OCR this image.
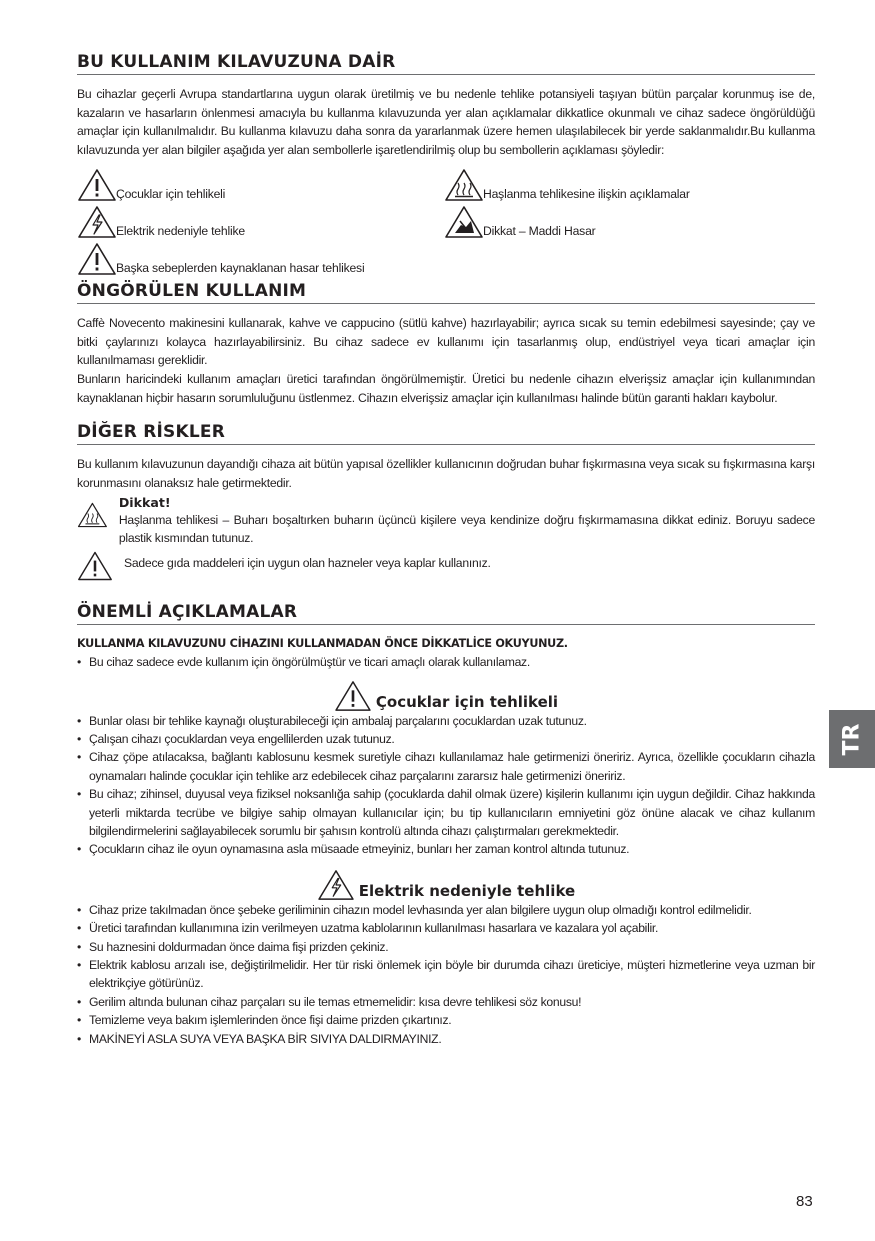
BU KULLANIM KILAVUZUNA DAİR

Bu cihazlar geçerli Avrupa standartlarına uygun olarak üretilmiş ve bu nedenle tehlike potansiyeli taşıyan bütün parçalar korunmuş ise de, kazaların ve hasarların önlenmesi amacıyla bu kullanma kılavuzunda yer alan açıklamalar dikkatlice okunmalı ve cihaz sadece öngörüldüğü amaçlar için kullanılmalıdır. Bu kullanma kılavuzu daha sonra da yararlanmak üzere hemen ulaşılabilecek bir yerde saklanmalıdır.Bu kullanma kılavuzunda yer alan bilgiler aşağıda yer alan sembollerle işaretlendirilmiş olup bu sembollerin açıklaması şöyledir:

Çocuklar için tehlikeli	Haşlanma tehlikesine ilişkin açıklamalar
Elektrik nedeniyle tehlike	Dikkat – Maddi Hasar
Başka sebeplerden kaynaklanan hasar tehlikesi
ÖNGÖRÜLEN KULLANIM

Caffè Novecento makinesini kullanarak, kahve ve cappucino (sütlü kahve) hazırlayabilir; ayrıca sıcak su temin edebilmesi sayesinde; çay ve bitki çaylarınızı kolayca hazırlayabilirsiniz. Bu cihaz sadece ev kullanımı için tasarlanmış olup, endüstriyel veya ticari amaçlar için kullanılmaması gereklidir.

Bunların haricindeki kullanım amaçları üretici tarafından öngörülmemiştir. Üretici bu nedenle cihazın elverişsiz amaçlar için kullanımından kaynaklanan hiçbir hasarın sorumluluğunu üstlenmez. Cihazın elverişsiz amaçlar için kullanılması halinde bütün garanti hakları kaybolur.

DİĞER RİSKLER

Bu kullanım kılavuzunun dayandığı cihaza ait bütün yapısal özellikler kullanıcının doğrudan buhar fışkırmasına veya sıcak su fışkırmasına karşı korunmasını olanaksız hale getirmektedir.

Dikkat!

Haşlanma tehlikesi – Buharı boşaltırken buharın üçüncü kişilere veya kendinize doğru fışkırmamasına dikkat ediniz. Boruyu sadece plastik kısmından tutunuz.

Sadece gıda maddeleri için uygun olan hazneler veya kaplar kullanınız.

ÖNEMLİ AÇIKLAMALAR
KULLANMA KILAVUZUNU CİHAZINI KULLANMADAN ÖNCE DİKKATLİCE OKUYUNUZ.
• Bu cihaz sadece evde kullanım için öngörülmüştür ve ticari amaçlı olarak kullanılamaz.
Çocuklar için tehlikeli
• Bunlar olası bir tehlike kaynağı oluşturabileceği için ambalaj parçalarını çocuklardan uzak tutunuz.
• Çalışan cihazı çocuklardan veya engellilerden uzak tutunuz.
• Cihaz çöpe atılacaksa, bağlantı kablosunu kesmek suretiyle cihazı kullanılamaz hale getirmenizi öneririz. Ayrıca, özellikle çocukların cihazla oynamaları halinde çocuklar için tehlike arz edebilecek cihaz parçalarını zararsız hale getirmenizi öneririz.
• Bu cihaz; zihinsel, duyusal veya fiziksel noksanlığa sahip (çocuklarda dahil olmak üzere) kişilerin kullanımı için uygun değildir. Cihaz hakkında yeterli miktarda tecrübe ve bilgiye sahip olmayan kullanıcılar için; bu tip kullanıcıların emniyetini göz önüne alacak ve cihaz kullanım bilgilendirmelerini sağlayabilecek sorumlu bir şahısın kontrolü altında cihazı çalıştırmaları gerekmektedir.
• Çocukların cihaz ile oyun oynamasına asla müsaade etmeyiniz, bunları her zaman kontrol altında tutunuz.
Elektrik nedeniyle tehlike
• Cihaz prize takılmadan önce şebeke geriliminin cihazın model levhasında yer alan bilgilere uygun olup olmadığı kontrol edilmelidir.
• Üretici tarafından kullanımına izin verilmeyen uzatma kablolarının kullanılması hasarlara ve kazalara yol açabilir.
• Su haznesini doldurmadan önce daima fişi prizden çekiniz.
• Elektrik kablosu arızalı ise, değiştirilmelidir. Her tür riski önlemek için böyle bir durumda cihazı üreticiye, müşteri hizmetlerine veya uzman bir elektrikçiye götürünüz.
• Gerilim altında bulunan cihaz parçaları su ile temas etmemelidir: kısa devre tehlikesi söz konusu!
• Temizleme veya bakım işlemlerinden önce fişi daime prizden çıkartınız.
• MAKİNEYİ ASLA SUYA VEYA BAŞKA BİR SIVIYA DALDIRMAYINIZ.
TR
83
